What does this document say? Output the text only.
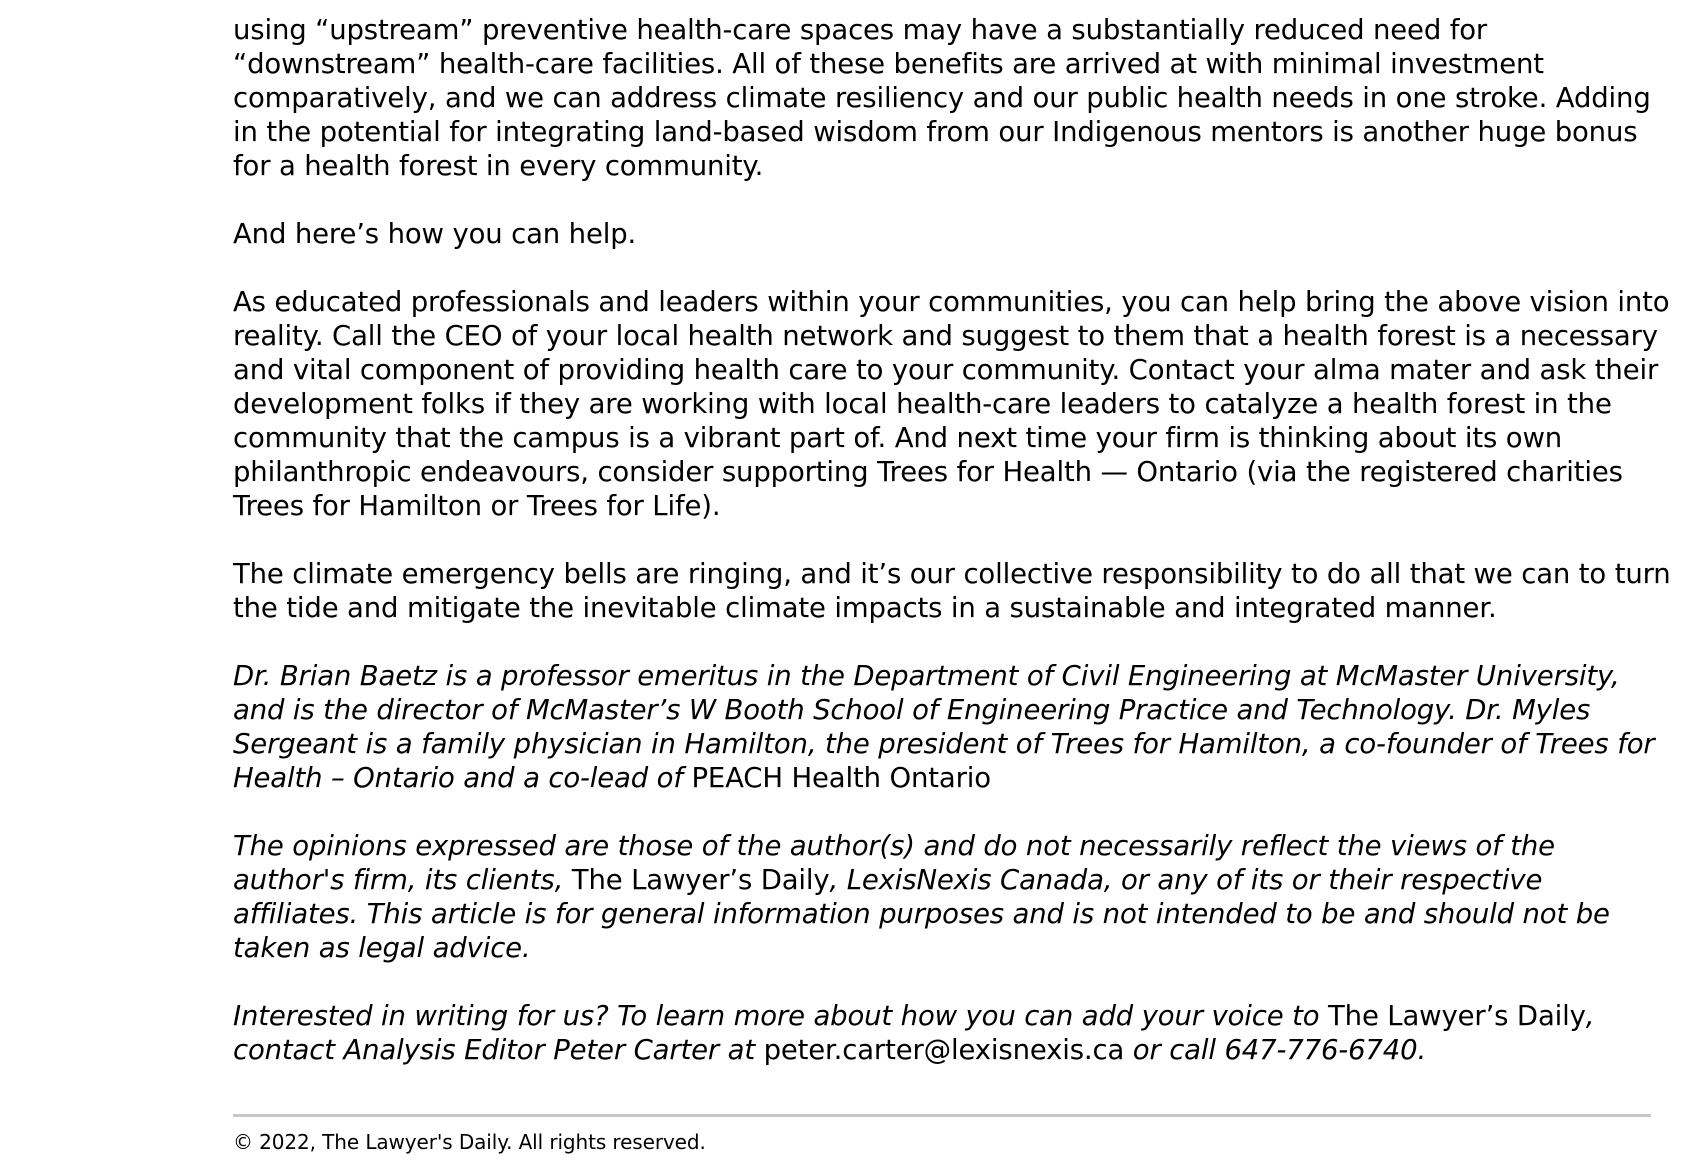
using “upstream” preventive health-care spaces may have a substantially reduced need for “downstream” health-care facilities. All of these benefits are arrived at with minimal investment comparatively, and we can address climate resiliency and our public health needs in one stroke. Adding in the potential for integrating land-based wisdom from our Indigenous mentors is another huge bonus for a health forest in every community.

And here’s how you can help.

As educated professionals and leaders within your communities, you can help bring the above vision into reality. Call the CEO of your local health network and suggest to them that a health forest is a necessary and vital component of providing health care to your community. Contact your alma mater and ask their development folks if they are working with local health-care leaders to catalyze a health forest in the community that the campus is a vibrant part of. And next time your firm is thinking about its own philanthropic endeavours, consider supporting Trees for Health — Ontario (via the registered charities Trees for Hamilton or Trees for Life).

The climate emergency bells are ringing, and it’s our collective responsibility to do all that we can to turn the tide and mitigate the inevitable climate impacts in a sustainable and integrated manner.

Dr. Brian Baetz is a professor emeritus in the Department of Civil Engineering at McMaster University, and is the director of McMaster’s W Booth School of Engineering Practice and Technology. Dr. Myles Sergeant is a family physician in Hamilton, the president of Trees for Hamilton, a co-founder of Trees for Health – Ontario and a co-lead of PEACH Health Ontario

The opinions expressed are those of the author(s) and do not necessarily reflect the views of the author's firm, its clients, The Lawyer’s Daily, LexisNexis Canada, or any of its or their respective affiliates. This article is for general information purposes and is not intended to be and should not be taken as legal advice.

Interested in writing for us? To learn more about how you can add your voice to The Lawyer’s Daily, contact Analysis Editor Peter Carter at peter.carter@lexisnexis.ca or call 647-776-6740.

© 2022, The Lawyer's Daily. All rights reserved.
